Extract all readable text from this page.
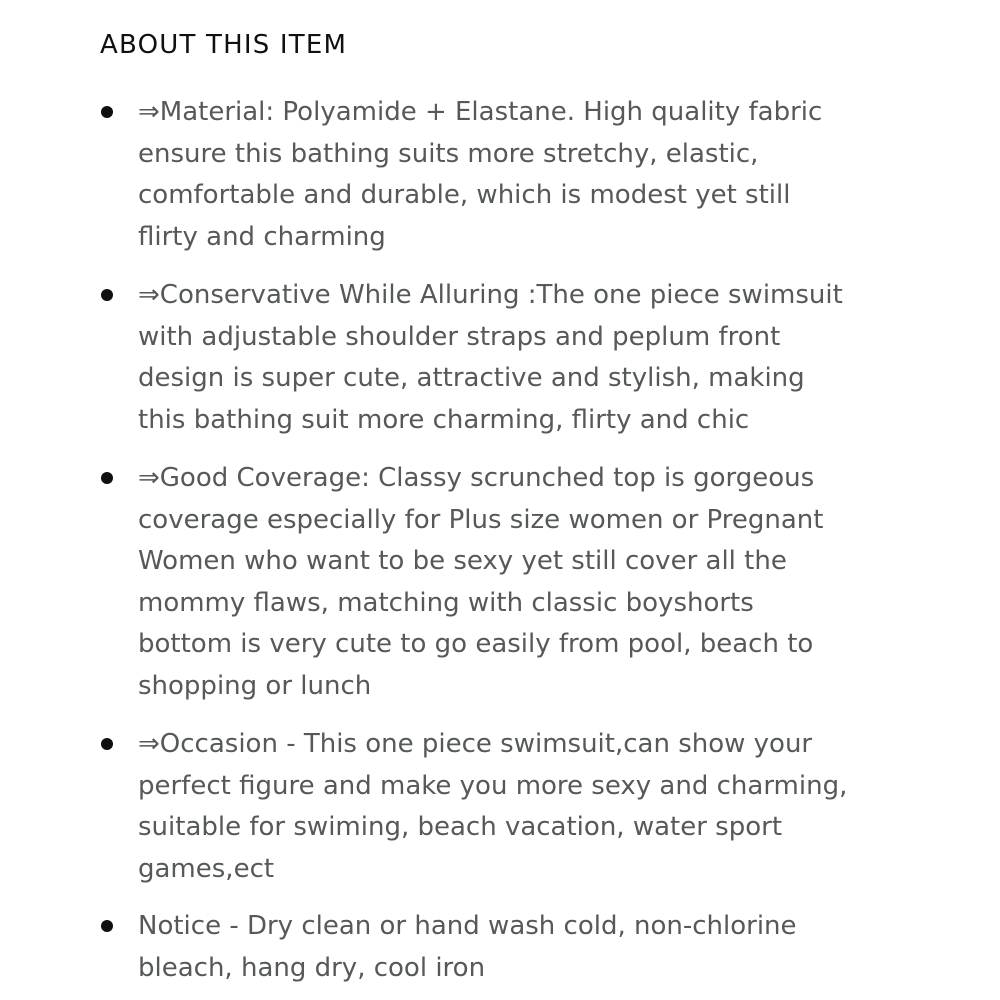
ABOUT THIS ITEM

⇒Material: Polyamide + Elastane. High quality fabric
ensure this bathing suits more stretchy, elastic,
comfortable and durable, which is modest yet still
flirty and charming

⇒Conservative While Alluring :The one piece swimsuit
with adjustable shoulder straps and peplum front
design is super cute, attractive and stylish, making
this bathing suit more charming, flirty and chic

⇒Good Coverage: Classy scrunched top is gorgeous
coverage especially for Plus size women or Pregnant
Women who want to be sexy yet still cover all the
mommy flaws, matching with classic boyshorts
bottom is very cute to go easily from pool, beach to
shopping or lunch

⇒Occasion - This one piece swimsuit,can show your
perfect figure and make you more sexy and charming,
suitable for swiming, beach vacation, water sport
games,ect

Notice - Dry clean or hand wash cold, non-chlorine
bleach, hang dry, cool iron
